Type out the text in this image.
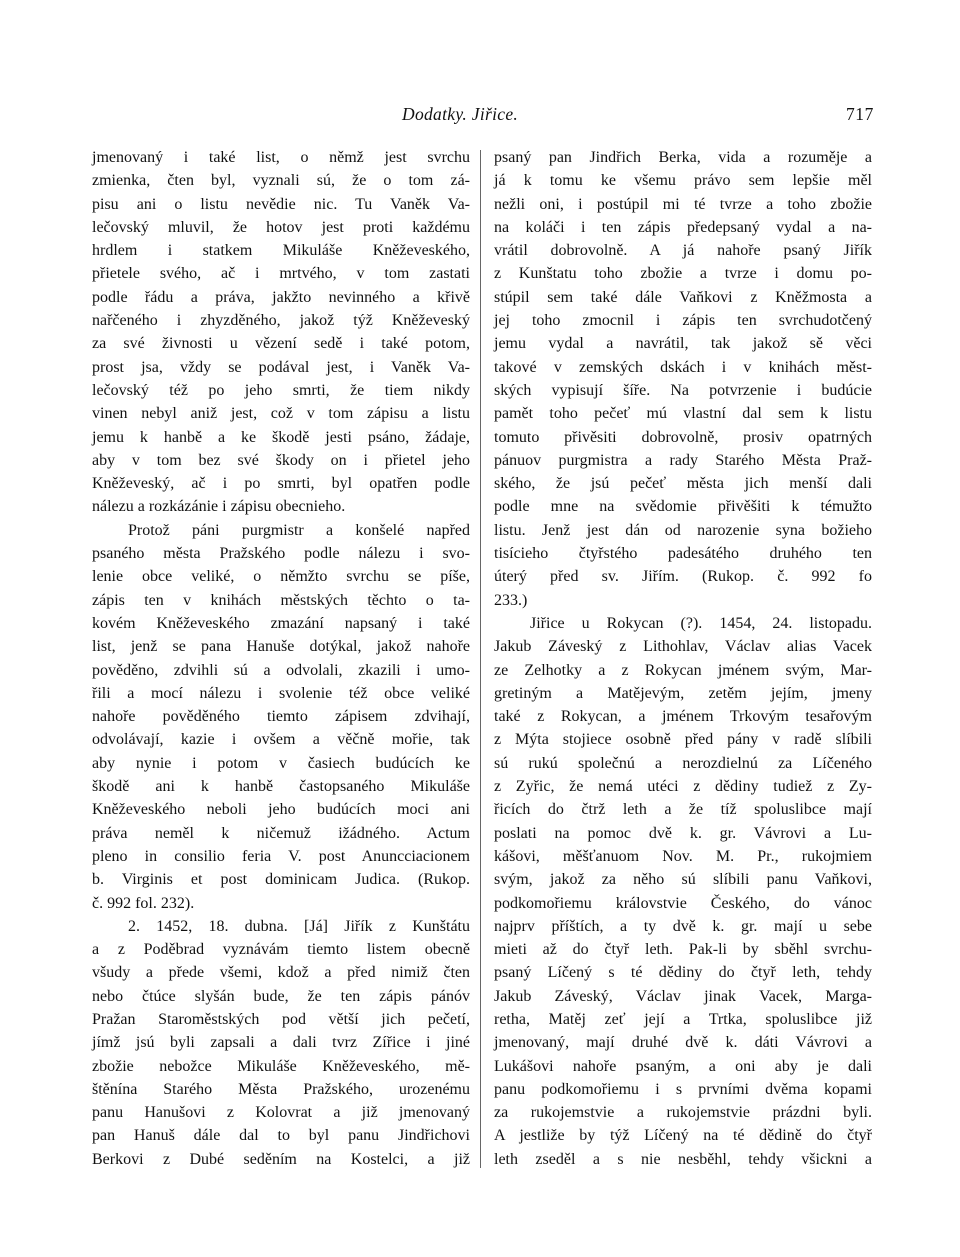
Dodatky. Jiřice.	717
jmenovaný i také list, o němž jest svrchu
zmienka, čten byl, vyznali sú, že o tom zá-
pisu ani o listu nevědie nic. Tu Vaněk Va-
lečovský mluvil, že hotov jest proti každému
hrdlem i statkem Mikuláše Kněževeského,
přietele svého, ač i mrtvého, v tom zastati
podle řádu a práva, jakžto nevinného a křivě
nařčeného i zhyzděného, jakož týž Kněževeský
za své živnosti u vězení sedě i také potom,
prost jsa, vždy se podával jest, i Vaněk Va-
lečovský též po jeho smrti, že tiem nikdy
vinen nebyl aniž jest, což v tom zápisu a listu
jemu k hanbě a ke škodě jesti psáno, žádaje,
aby v tom bez své škody on i přietel jeho
Kněževeský, ač i po smrti, byl opatřen podle
nálezu a rozkázánie i zápisu obecnieho.
Protož páni purgmistr a konšelé napřed
psaného města Pražského podle nálezu i svo-
lenie obce veliké, o němžto svrchu se píše,
zápis ten v knihách městských těchto o ta-
kovém Kněževeského zmazání napsaný i také
list, jenž se pana Hanuše dotýkal, jakož nahoře
pověděno, zdvihli sú a odvolali, zkazili i umo-
řili a mocí nálezu i svolenie též obce veliké
nahoře pověděného tiemto zápisem zdvihají,
odvolávají, kazie i ovšem a věčně mořie, tak
aby nynie i potom v časiech budúcích ke
škodě ani k hanbě častopsaného Mikuláše
Kněževeského neboli jeho budúcích moci ani
práva neměl k ničemuž ižádného. Actum
pleno in consilio feria V. post Anuncciacionem
b. Virginis et post dominicam Judica. (Rukop.
č. 992 fol. 232).
2. 1452, 18. dubna. [Já] Jiřík z Kunštátu
a z Poděbrad vyznávám tiemto listem obecně
všudy a přede všemi, kdož a před nimiž čten
nebo čtúce slyšán bude, že ten zápis pánóv
Pražan Staroměstských pod větší jich pečetí,
jímž jsú byli zapsali a dali tvrz Zířice i jiné
zbožie nebožce Mikuláše Kněževeského, mě-
štěnína Starého Města Pražského, urozenému
panu Hanušovi z Kolovrat a již jmenovaný
pan Hanuš dále dal to byl panu Jindřichovi
Berkovi z Dubé seděním na Kostelci, a již
psaný pan Jindřich Berka, vida a rozuměje a
já k tomu ke všemu právo sem lepšie měl
nežli oni, i postúpil mi té tvrze a toho zbožie
na koláči i ten zápis předepsaný vydal a na-
vrátil dobrovolně. A já nahoře psaný Jiřík
z Kunštatu toho zbožie a tvrze i domu po-
stúpil sem také dále Vaňkovi z Kněžmosta a
jej toho zmocnil i zápis ten svrchudotčený
jemu vydal a navrátil, tak jakož sě věci
takové v zemských dskách i v knihách měst-
ských vypisují šíře. Na potvrzenie i budúcie
pamět toho pečeť mú vlastní dal sem k listu
tomuto přivěsiti dobrovolně, prosiv opatrných
pánuov purgmistra a rady Starého Města Praž-
ského, že jsú pečeť města jich menší dali
podle mne na svědomie přivěšiti k témužto
listu. Jenž jest dán od narozenie syna božieho
tisícieho čtyřstého padesátého druhého ten
úterý před sv. Jiřím. (Rukop. č. 992 fo
233.)
Jiřice u Rokycan (?). 1454, 24. listopadu.
Jakub Záveský z Lithohlav, Václav alias Vacek
ze Zelhotky a z Rokycan jménem svým, Mar-
gretiným a Matějevým, zetěm jejím, jmeny
také z Rokycan, a jménem Trkovým tesařovým
z Mýta stojiece osobně před pány v radě slíbili
sú rukú společnú a nerozdielnú za Líčeného
z Zyřic, že nemá utéci z dědiny tudiež z Zy-
řicích do čtrž leth a že tíž spoluslibce mají
poslati na pomoc dvě k. gr. Vávrovi a Lu-
kášovi, měšťanuom Nov. M. Pr., rukojmiem
svým, jakož za něho sú slíbili panu Vaňkovi,
podkomořiemu královstvie Českého, do vánoc
najprv příštích, a ty dvě k. gr. mají u sebe
mieti až do čtyř leth. Pak-li by sběhl svrchu-
psaný Líčený s té dědiny do čtyř leth, tehdy
Jakub Záveský, Václav jinak Vacek, Marga-
retha, Matěj zeť její a Trtka, spoluslibce již
jmenovaný, mají druhé dvě k. dáti Vávrovi a
Lukášovi nahoře psaným, a oni aby je dali
panu podkomořiemu i s prvními dvěma kopami
za rukojemstvie a rukojemstvie prázdni byli.
A jestliže by týž Líčený na té dědině do čtyř
leth zseděl a s nie nesběhl, tehdy všickni a
